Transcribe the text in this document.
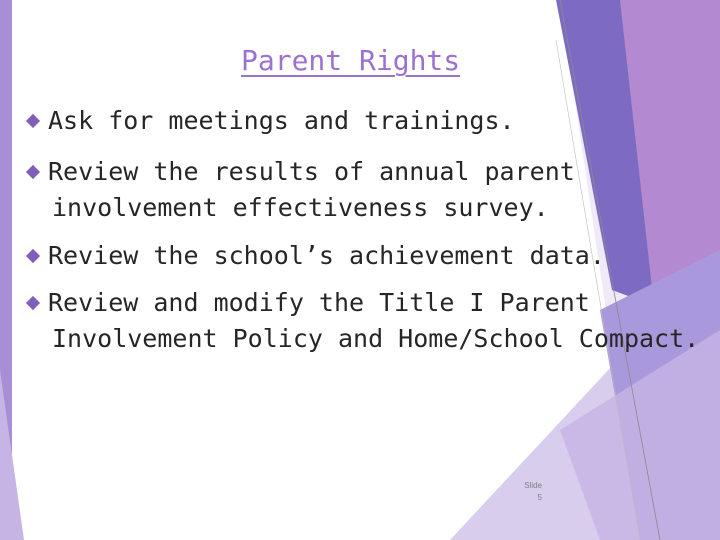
Parent Rights
Ask for meetings and trainings.
Review the results of annual parent
involvement effectiveness survey.
Review the school’s achievement data.
Review and modify the Title I Parent
Involvement Policy and Home/School Compact.
Slide
5
